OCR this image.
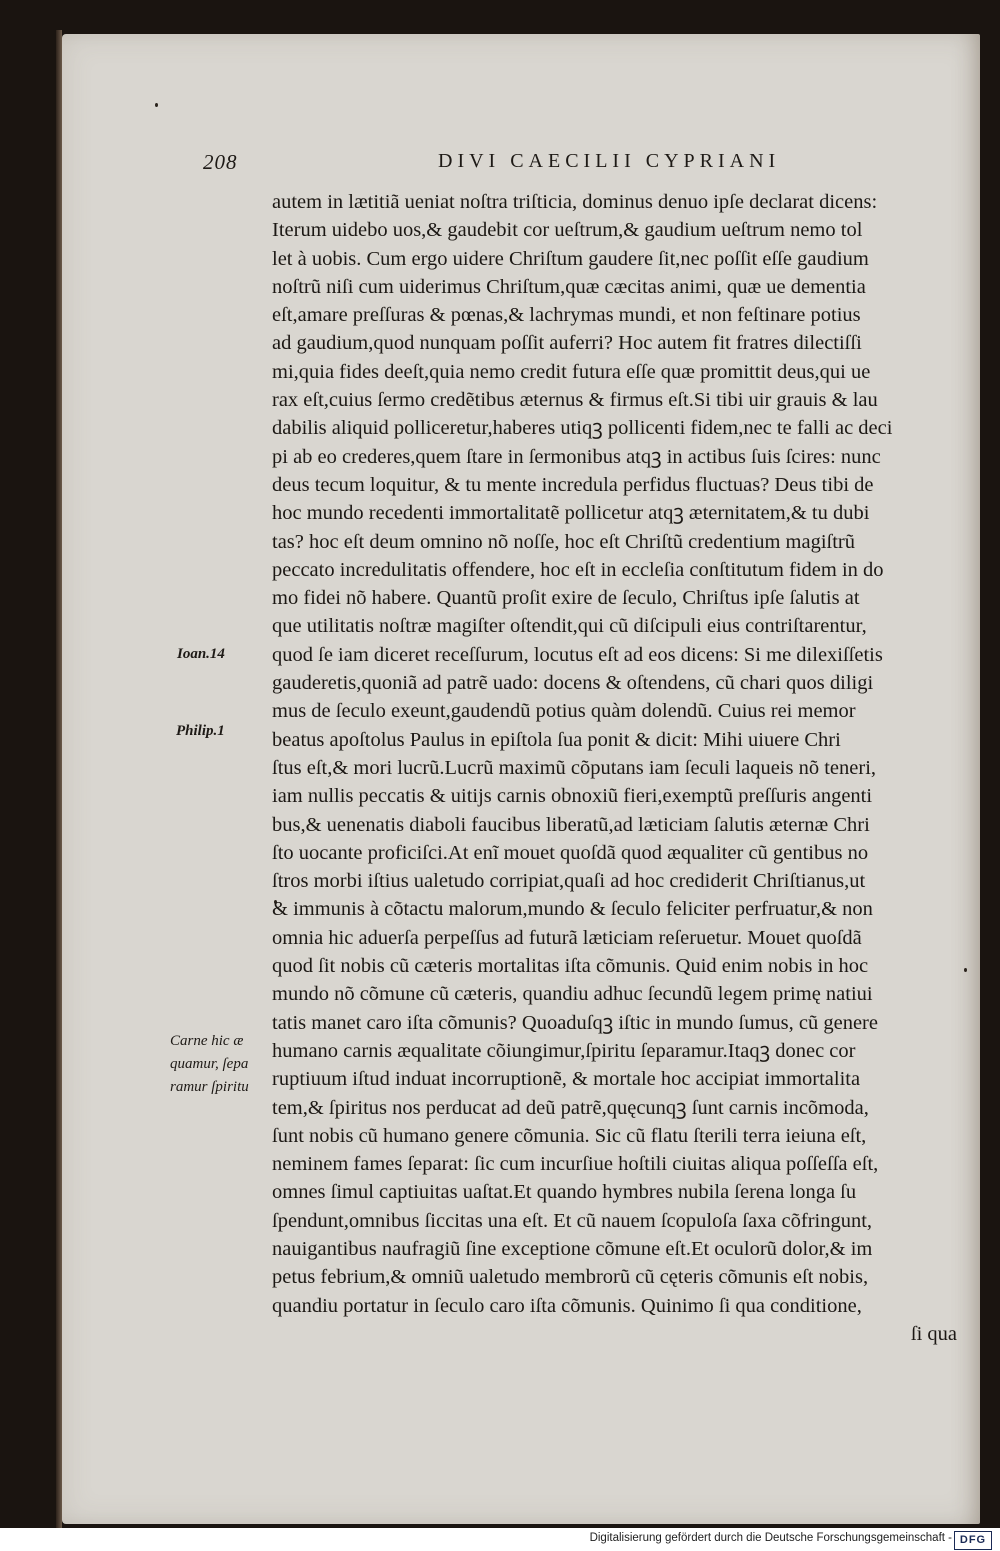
208	DIVI CAECILII CYPRIANI
autem in lætitiã ueniat noſtra triſticia, dominus denuo ipſe declarat dicens:
Iterum uidebo uos,& gaudebit cor ueſtrum,& gaudium ueſtrum nemo tol
let à uobis. Cum ergo uidere Chriſtum gaudere ſit,nec poſſit eſſe gaudium
noſtrũ niſi cum uiderimus Chriſtum,quæ cæcitas animi, quæ ue dementia
eſt,amare preſſuras & pœnas,& lachrymas mundi, et non feſtinare potius
ad gaudium,quod nunquam poſſit auferri? Hoc autem fit fratres dilectiſſi
mi,quia fides deeſt,quia nemo credit futura eſſe quæ promittit deus,qui ue
rax eſt,cuius ſermo credẽtibus æternus & firmus eſt.Si tibi uir grauis & lau
dabilis aliquid polliceretur,haberes utiqꝫ pollicenti fidem,nec te falli ac deci
pi ab eo crederes,quem ſtare in ſermonibus atqꝫ in actibus ſuis ſcires: nunc
deus tecum loquitur, & tu mente incredula perfidus fluctuas? Deus tibi de
hoc mundo recedenti immortalitatẽ pollicetur atqꝫ æternitatem,& tu dubi
tas? hoc eſt deum omnino nõ noſſe, hoc eſt Chriſtũ credentium magiſtrũ
peccato incredulitatis offendere, hoc eſt in eccleſia conſtitutum fidem in do
mo fidei nõ habere. Quantũ proſit exire de ſeculo, Chriſtus ipſe ſalutis at
que utilitatis noſtræ magiſter oſtendit,qui cũ diſcipuli eius contriſtarentur,
quod ſe iam diceret receſſurum, locutus eſt ad eos dicens: Si me dilexiſſetis
gauderetis,quoniã ad patrẽ uado: docens & oſtendens, cũ chari quos diligi
mus de ſeculo exeunt,gaudendũ potius quàm dolendũ. Cuius rei memor
beatus apoſtolus Paulus in epiſtola ſua ponit & dicit: Mihi uiuere Chri
ſtus eſt,& mori lucrũ.Lucrũ maximũ cõputans iam ſeculi laqueis nõ teneri,
iam nullis peccatis & uitijs carnis obnoxiũ fieri,exemptũ preſſuris angenti
bus,& uenenatis diaboli faucibus liberatũ,ad læticiam ſalutis æternæ Chri
ſto uocante proficiſci.At enĩ mouet quoſdã quod æqualiter cũ gentibus no
ſtros morbi iſtius ualetudo corripiat,quaſi ad hoc crediderit Chriſtianus,ut
& immunis à cõtactu malorum,mundo & ſeculo feliciter perfruatur,& non
omnia hic aduerſa perpeſſus ad futurã læticiam reſeruetur. Mouet quoſdã
quod ſit nobis cũ cæteris mortalitas iſta cõmunis. Quid enim nobis in hoc
mundo nõ cõmune cũ cæteris, quandiu adhuc ſecundũ legem primę natiui
tatis manet caro iſta cõmunis? Quoaduſqꝫ iſtic in mundo ſumus, cũ genere
humano carnis æqualitate cõiungimur,ſpiritu ſeparamur.Itaqꝫ donec cor
ruptiuum iſtud induat incorruptionẽ, & mortale hoc accipiat immortalita
tem,& ſpiritus nos perducat ad deũ patrẽ,quęcunqꝫ ſunt carnis incõmoda,
ſunt nobis cũ humano genere cõmunia. Sic cũ flatu ſterili terra ieiuna eſt,
neminem fames ſeparat: ſic cum incurſiue hoſtili ciuitas aliqua poſſeſſa eſt,
omnes ſimul captiuitas uaſtat.Et quando hymbres nubila ſerena longa ſu
ſpendunt,omnibus ſiccitas una eſt. Et cũ nauem ſcopuloſa ſaxa cõfringunt,
nauigantibus naufragiũ ſine exceptione cõmune eſt.Et oculorũ dolor,& im
petus febrium,& omniũ ualetudo membrorũ cũ cęteris cõmunis eſt nobis,
quandiu portatur in ſeculo caro iſta cõmunis. Quinimo ſi qua conditione,
ſi qua
Ioan.14
Philip.1
Carne hic æ
quamur, ſepa
ramur ſpiritu
Digitalisierung gefördert durch die Deutsche Forschungsgemeinschaft - DFG
